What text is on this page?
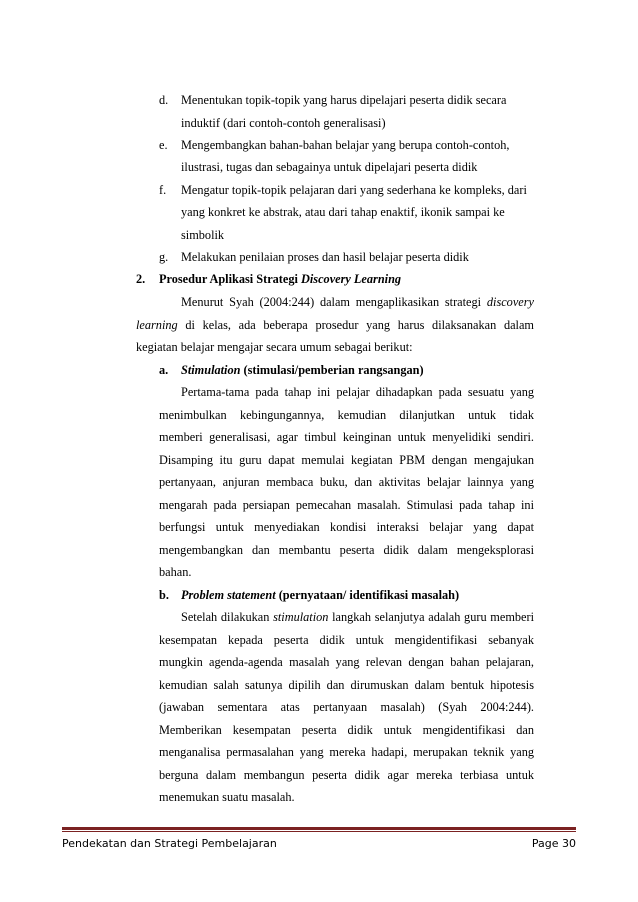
d. Menentukan topik-topik yang harus dipelajari peserta didik secara
induktif (dari contoh-contoh generalisasi)
e. Mengembangkan bahan-bahan belajar yang berupa contoh-contoh,
ilustrasi, tugas dan sebagainya untuk dipelajari peserta didik
f. Mengatur topik-topik pelajaran dari yang sederhana ke kompleks, dari
yang konkret ke abstrak, atau dari tahap enaktif, ikonik sampai ke
simbolik
g. Melakukan penilaian proses dan hasil belajar peserta didik
2. Prosedur Aplikasi Strategi Discovery Learning
Menurut Syah (2004:244) dalam mengaplikasikan strategi discovery
learning di kelas, ada beberapa prosedur yang harus dilaksanakan dalam
kegiatan belajar mengajar secara umum sebagai berikut:
a. Stimulation (stimulasi/pemberian rangsangan)
Pertama-tama pada tahap ini pelajar dihadapkan pada sesuatu yang
menimbulkan kebingungannya, kemudian dilanjutkan untuk tidak
memberi generalisasi, agar timbul keinginan untuk menyelidiki sendiri.
Disamping itu guru dapat memulai kegiatan PBM dengan mengajukan
pertanyaan, anjuran membaca buku, dan aktivitas belajar lainnya yang
mengarah pada persiapan pemecahan masalah. Stimulasi pada tahap ini
berfungsi untuk menyediakan kondisi interaksi belajar yang dapat
mengembangkan dan membantu peserta didik dalam mengeksplorasi
bahan.
b. Problem statement (pernyataan/ identifikasi masalah)
Setelah dilakukan stimulation langkah selanjutya adalah guru memberi
kesempatan kepada peserta didik untuk mengidentifikasi sebanyak
mungkin agenda-agenda masalah yang relevan dengan bahan pelajaran,
kemudian salah satunya dipilih dan dirumuskan dalam bentuk hipotesis
(jawaban sementara atas pertanyaan masalah) (Syah 2004:244).
Memberikan kesempatan peserta didik untuk mengidentifikasi dan
menganalisa permasalahan yang mereka hadapi, merupakan teknik yang
berguna dalam membangun peserta didik agar mereka terbiasa untuk
menemukan suatu masalah.
Pendekatan dan Strategi Pembelajaran	Page 30
